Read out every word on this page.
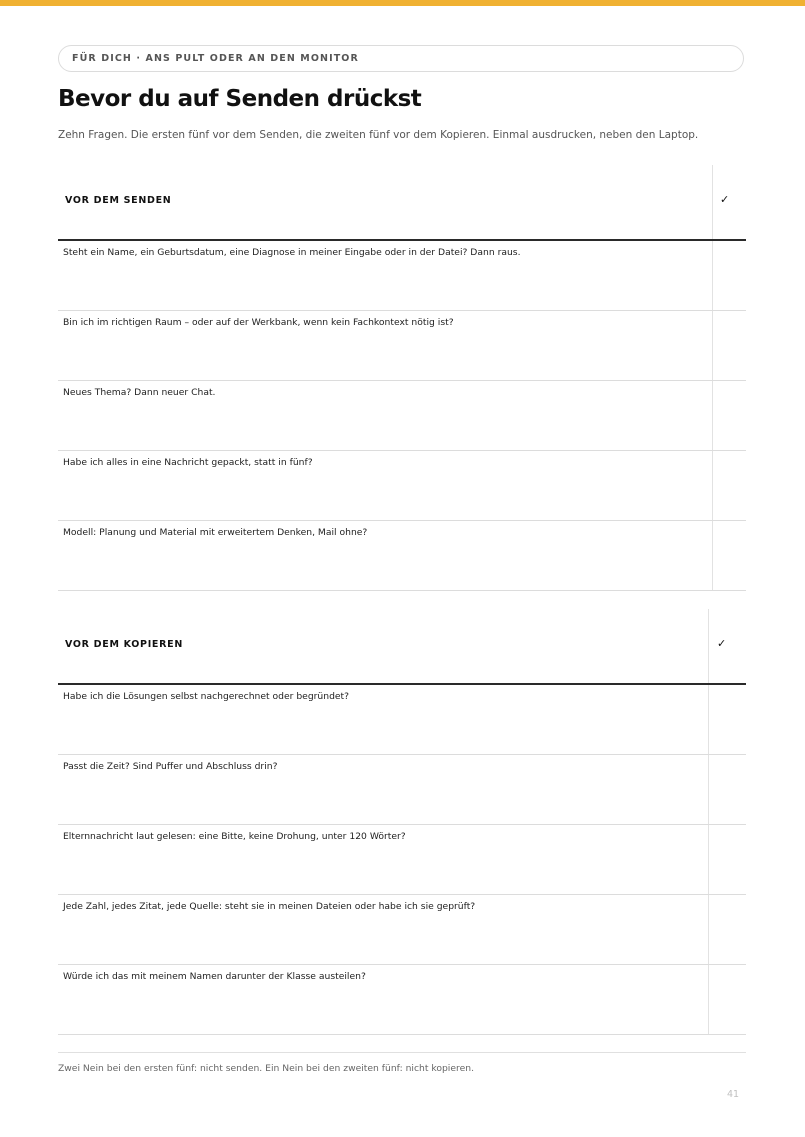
FÜR DICH · ANS PULT ODER AN DEN MONITOR
Bevor du auf Senden drückst
Zehn Fragen. Die ersten fünf vor dem Senden, die zweiten fünf vor dem Kopieren. Einmal ausdrucken, neben den Laptop.
VOR DEM SENDEN	✓
Steht ein Name, ein Geburtsdatum, eine Diagnose in meiner Eingabe oder in der Datei? Dann raus.
Bin ich im richtigen Raum – oder auf der Werkbank, wenn kein Fachkontext nötig ist?
Neues Thema? Dann neuer Chat.
Habe ich alles in eine Nachricht gepackt, statt in fünf?
Modell: Planung und Material mit erweitertem Denken, Mail ohne?
VOR DEM KOPIEREN	✓
Habe ich die Lösungen selbst nachgerechnet oder begründet?
Passt die Zeit? Sind Puffer und Abschluss drin?
Elternnachricht laut gelesen: eine Bitte, keine Drohung, unter 120 Wörter?
Jede Zahl, jedes Zitat, jede Quelle: steht sie in meinen Dateien oder habe ich sie geprüft?
Würde ich das mit meinem Namen darunter der Klasse austeilen?
Zwei Nein bei den ersten fünf: nicht senden. Ein Nein bei den zweiten fünf: nicht kopieren.
41
